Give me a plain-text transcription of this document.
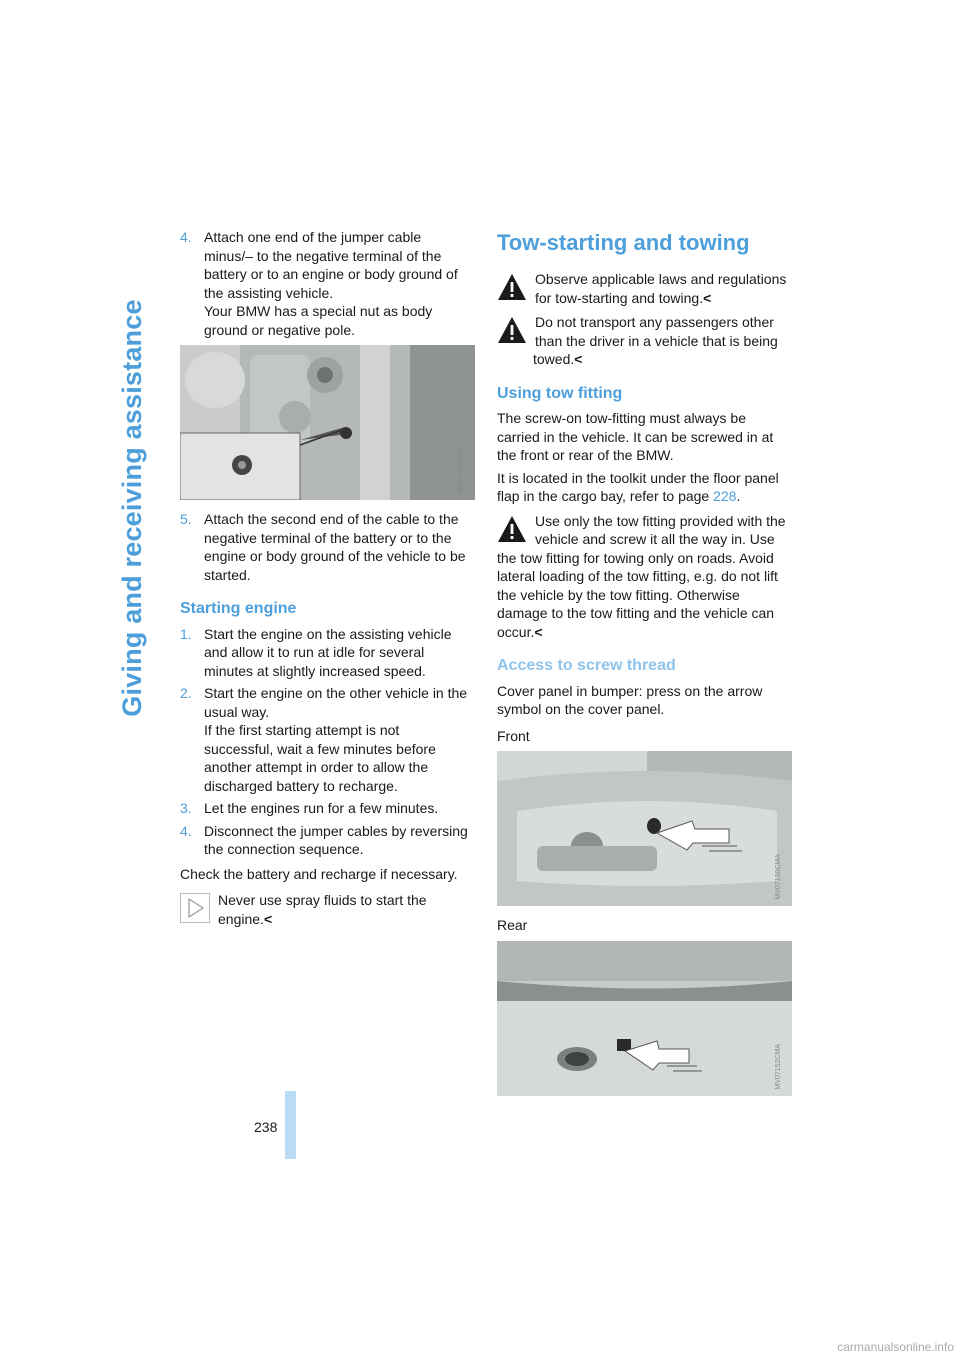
Giving and receiving assistance
4. Attach one end of the jumper cable minus/– to the negative terminal of the battery or to an engine or body ground of the assisting vehicle.
Your BMW has a special nut as body ground or negative pole.
MV07105CMA
5. Attach the second end of the cable to the negative terminal of the battery or to the engine or body ground of the vehicle to be started.
Starting engine
1. Start the engine on the assisting vehicle and allow it to run at idle for several minutes at slightly increased speed.
2. Start the engine on the other vehicle in the usual way.
If the first starting attempt is not successful, wait a few minutes before another attempt in order to allow the discharged battery to recharge.
3. Let the engines run for a few minutes.
4. Disconnect the jumper cables by reversing the connection sequence.

Check the battery and recharge if necessary.

Never use spray fluids to start the engine.<
Tow-starting and towing
Observe applicable laws and regulations for tow-starting and towing.<
Do not transport any passengers other than the driver in a vehicle that is being towed.<
Using tow fitting

The screw-on tow-fitting must always be carried in the vehicle. It can be screwed in at the front or rear of the BMW.

It is located in the toolkit under the floor panel flap in the cargo bay, refer to page 228.

Use only the tow fitting provided with the vehicle and screw it all the way in. Use the tow fitting for towing only on roads. Avoid lateral loading of the tow fitting, e.g. do not lift the vehicle by the tow fitting. Otherwise damage to the tow fitting and the vehicle can occur.<
Access to screw thread

Cover panel in bumper: press on the arrow symbol on the cover panel.

Front

MV07150CMA

Rear

MV07152CMA
238
carmanualsonline.info
